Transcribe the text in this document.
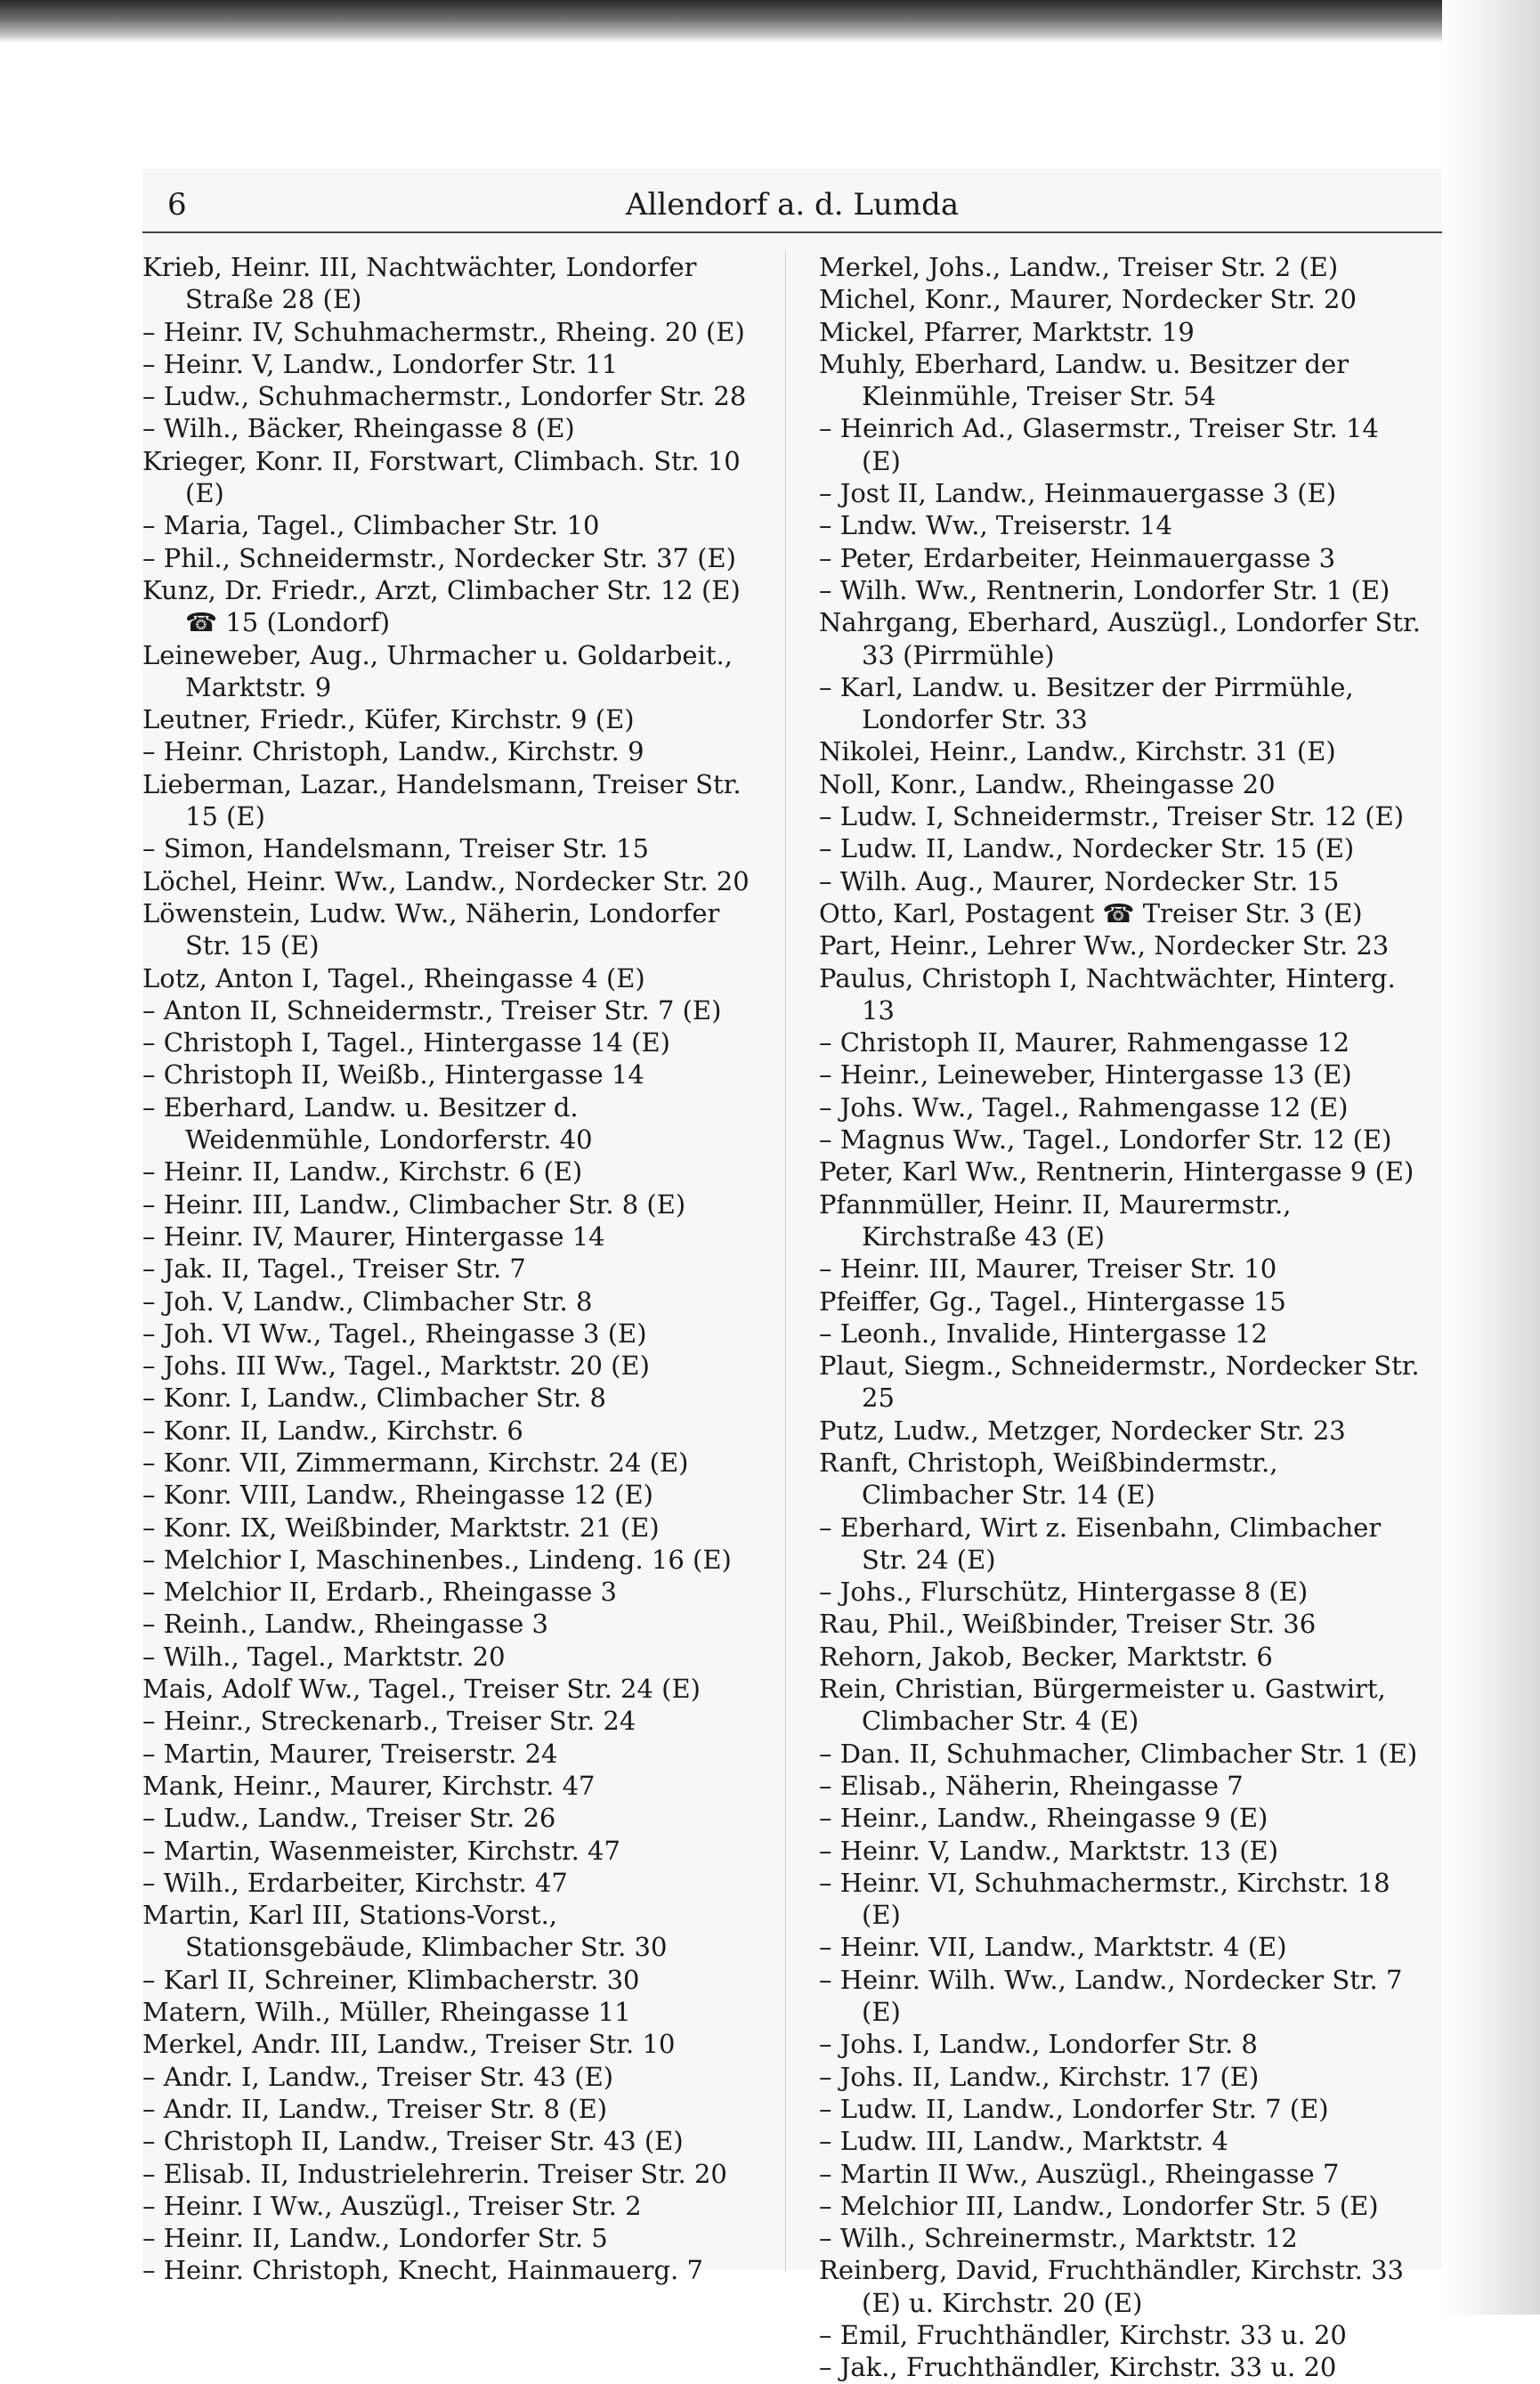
6	Allendorf a. d. Lumda
Krieb, Heinr. III, Nachtwächter, Londorfer Straße 28 (E)
– Heinr. IV, Schuhmachermstr., Rheing. 20 (E)
– Heinr. V, Landw., Londorfer Str. 11
– Ludw., Schuhmachermstr., Londorfer Str. 28
– Wilh., Bäcker, Rheingasse 8 (E)
Krieger, Konr. II, Forstwart, Climbach. Str. 10 (E)
– Maria, Tagel., Climbacher Str. 10
– Phil., Schneidermstr., Nordecker Str. 37 (E)
Kunz, Dr. Friedr., Arzt, Climbacher Str. 12 (E) ☎ 15 (Londorf)
Leineweber, Aug., Uhrmacher u. Goldarbeit., Marktstr. 9
Leutner, Friedr., Küfer, Kirchstr. 9 (E)
– Heinr. Christoph, Landw., Kirchstr. 9
Lieberman, Lazar., Handelsmann, Treiser Str. 15 (E)
– Simon, Handelsmann, Treiser Str. 15
Löchel, Heinr. Ww., Landw., Nordecker Str. 20
Löwenstein, Ludw. Ww., Näherin, Londorfer Str. 15 (E)
Lotz, Anton I, Tagel., Rheingasse 4 (E)
– Anton II, Schneidermstr., Treiser Str. 7 (E)
– Christoph I, Tagel., Hintergasse 14 (E)
– Christoph II, Weißb., Hintergasse 14
– Eberhard, Landw. u. Besitzer d. Weidenmühle, Londorferstr. 40
– Heinr. II, Landw., Kirchstr. 6 (E)
– Heinr. III, Landw., Climbacher Str. 8 (E)
– Heinr. IV, Maurer, Hintergasse 14
– Jak. II, Tagel., Treiser Str. 7
– Joh. V, Landw., Climbacher Str. 8
– Joh. VI Ww., Tagel., Rheingasse 3 (E)
– Johs. III Ww., Tagel., Marktstr. 20 (E)
– Konr. I, Landw., Climbacher Str. 8
– Konr. II, Landw., Kirchstr. 6
– Konr. VII, Zimmermann, Kirchstr. 24 (E)
– Konr. VIII, Landw., Rheingasse 12 (E)
– Konr. IX, Weißbinder, Marktstr. 21 (E)
– Melchior I, Maschinenbes., Lindeng. 16 (E)
– Melchior II, Erdarb., Rheingasse 3
– Reinh., Landw., Rheingasse 3
– Wilh., Tagel., Marktstr. 20
Mais, Adolf Ww., Tagel., Treiser Str. 24 (E)
– Heinr., Streckenarb., Treiser Str. 24
– Martin, Maurer, Treiserstr. 24
Mank, Heinr., Maurer, Kirchstr. 47
– Ludw., Landw., Treiser Str. 26
– Martin, Wasenmeister, Kirchstr. 47
– Wilh., Erdarbeiter, Kirchstr. 47
Martin, Karl III, Stations-Vorst., Stationsgebäude, Klimbacher Str. 30
– Karl II, Schreiner, Klimbacherstr. 30
Matern, Wilh., Müller, Rheingasse 11
Merkel, Andr. III, Landw., Treiser Str. 10
– Andr. I, Landw., Treiser Str. 43 (E)
– Andr. II, Landw., Treiser Str. 8 (E)
– Christoph II, Landw., Treiser Str. 43 (E)
– Elisab. II, Industrielehrerin. Treiser Str. 20
– Heinr. I Ww., Auszügl., Treiser Str. 2
– Heinr. II, Landw., Londorfer Str. 5
– Heinr. Christoph, Knecht, Hainmauerg. 7
Merkel, Johs., Landw., Treiser Str. 2 (E)
Michel, Konr., Maurer, Nordecker Str. 20
Mickel, Pfarrer, Marktstr. 19
Muhly, Eberhard, Landw. u. Besitzer der Kleinmühle, Treiser Str. 54
– Heinrich Ad., Glasermstr., Treiser Str. 14 (E)
– Jost II, Landw., Heinmauergasse 3 (E)
– Lndw. Ww., Treiserstr. 14
– Peter, Erdarbeiter, Heinmauergasse 3
– Wilh. Ww., Rentnerin, Londorfer Str. 1 (E)
Nahrgang, Eberhard, Auszügl., Londorfer Str. 33 (Pirrmühle)
– Karl, Landw. u. Besitzer der Pirrmühle, Londorfer Str. 33
Nikolei, Heinr., Landw., Kirchstr. 31 (E)
Noll, Konr., Landw., Rheingasse 20
– Ludw. I, Schneidermstr., Treiser Str. 12 (E)
– Ludw. II, Landw., Nordecker Str. 15 (E)
– Wilh. Aug., Maurer, Nordecker Str. 15
Otto, Karl, Postagent ☎ Treiser Str. 3 (E)
Part, Heinr., Lehrer Ww., Nordecker Str. 23
Paulus, Christoph I, Nachtwächter, Hinterg. 13
– Christoph II, Maurer, Rahmengasse 12
– Heinr., Leineweber, Hintergasse 13 (E)
– Johs. Ww., Tagel., Rahmengasse 12 (E)
– Magnus Ww., Tagel., Londorfer Str. 12 (E)
Peter, Karl Ww., Rentnerin, Hintergasse 9 (E)
Pfannmüller, Heinr. II, Maurermstr., Kirchstraße 43 (E)
– Heinr. III, Maurer, Treiser Str. 10
Pfeiffer, Gg., Tagel., Hintergasse 15
– Leonh., Invalide, Hintergasse 12
Plaut, Siegm., Schneidermstr., Nordecker Str. 25
Putz, Ludw., Metzger, Nordecker Str. 23
Ranft, Christoph, Weißbindermstr., Climbacher Str. 14 (E)
– Eberhard, Wirt z. Eisenbahn, Climbacher Str. 24 (E)
– Johs., Flurschütz, Hintergasse 8 (E)
Rau, Phil., Weißbinder, Treiser Str. 36
Rehorn, Jakob, Becker, Marktstr. 6
Rein, Christian, Bürgermeister u. Gastwirt, Climbacher Str. 4 (E)
– Dan. II, Schuhmacher, Climbacher Str. 1 (E)
– Elisab., Näherin, Rheingasse 7
– Heinr., Landw., Rheingasse 9 (E)
– Heinr. V, Landw., Marktstr. 13 (E)
– Heinr. VI, Schuhmachermstr., Kirchstr. 18 (E)
– Heinr. VII, Landw., Marktstr. 4 (E)
– Heinr. Wilh. Ww., Landw., Nordecker Str. 7 (E)
– Johs. I, Landw., Londorfer Str. 8
– Johs. II, Landw., Kirchstr. 17 (E)
– Ludw. II, Landw., Londorfer Str. 7 (E)
– Ludw. III, Landw., Marktstr. 4
– Martin II Ww., Auszügl., Rheingasse 7
– Melchior III, Landw., Londorfer Str. 5 (E)
– Wilh., Schreinermstr., Marktstr. 12
Reinberg, David, Fruchthändler, Kirchstr. 33 (E) u. Kirchstr. 20 (E)
– Emil, Fruchthändler, Kirchstr. 33 u. 20
– Jak., Fruchthändler, Kirchstr. 33 u. 20
